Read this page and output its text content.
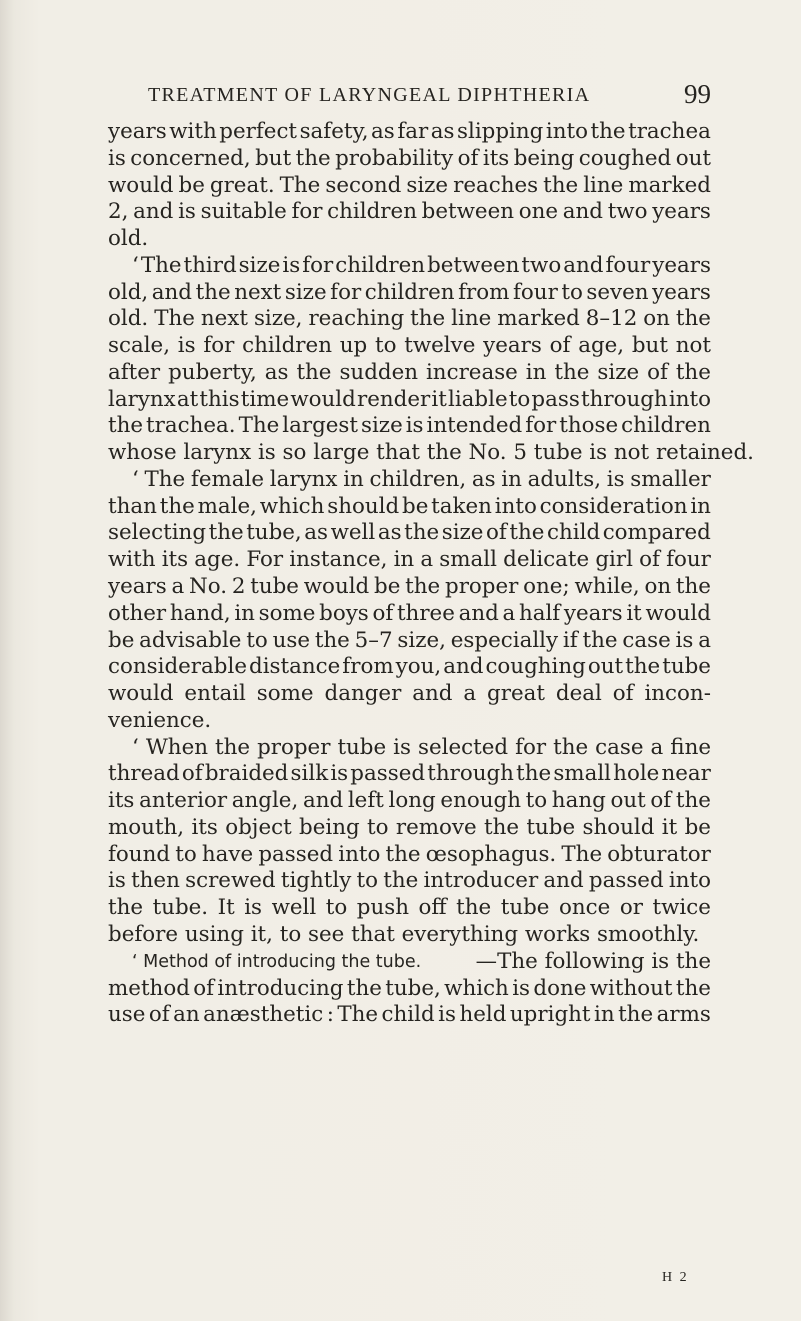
TREATMENT OF LARYNGEAL DIPHTHERIA	99
years with perfect safety, as far as slipping into the trachea
is concerned, but the probability of its being coughed out
would be great. The second size reaches the line marked
2, and is suitable for children between one and two years
old.
‘ The third size is for children between two and four years
old, and the next size for children from four to seven years
old. The next size, reaching the line marked 8–12 on the
scale, is for children up to twelve years of age, but not
after puberty, as the sudden increase in the size of the
larynx at this time would render it liable to pass through into
the trachea. The largest size is intended for those children
whose larynx is so large that the No. 5 tube is not retained.
‘ The female larynx in children, as in adults, is smaller
than the male, which should be taken into consideration in
selecting the tube, as well as the size of the child compared
with its age. For instance, in a small delicate girl of four
years a No. 2 tube would be the proper one; while, on the
other hand, in some boys of three and a half years it would
be advisable to use the 5–7 size, especially if the case is a
considerable distance from you, and coughing out the tube
would entail some danger and a great deal of incon-
venience.
‘ When the proper tube is selected for the case a fine
thread of braided silk is passed through the small hole near
its anterior angle, and left long enough to hang out of the
mouth, its object being to remove the tube should it be
found to have passed into the œsophagus. The obturator
is then screwed tightly to the introducer and passed into
the tube. It is well to push off the tube once or twice
before using it, to see that everything works smoothly.
‘ Method of introducing the tube.	—The following is the
method of introducing the tube, which is done without the
use of an anæsthetic : The child is held upright in the arms
H 2
